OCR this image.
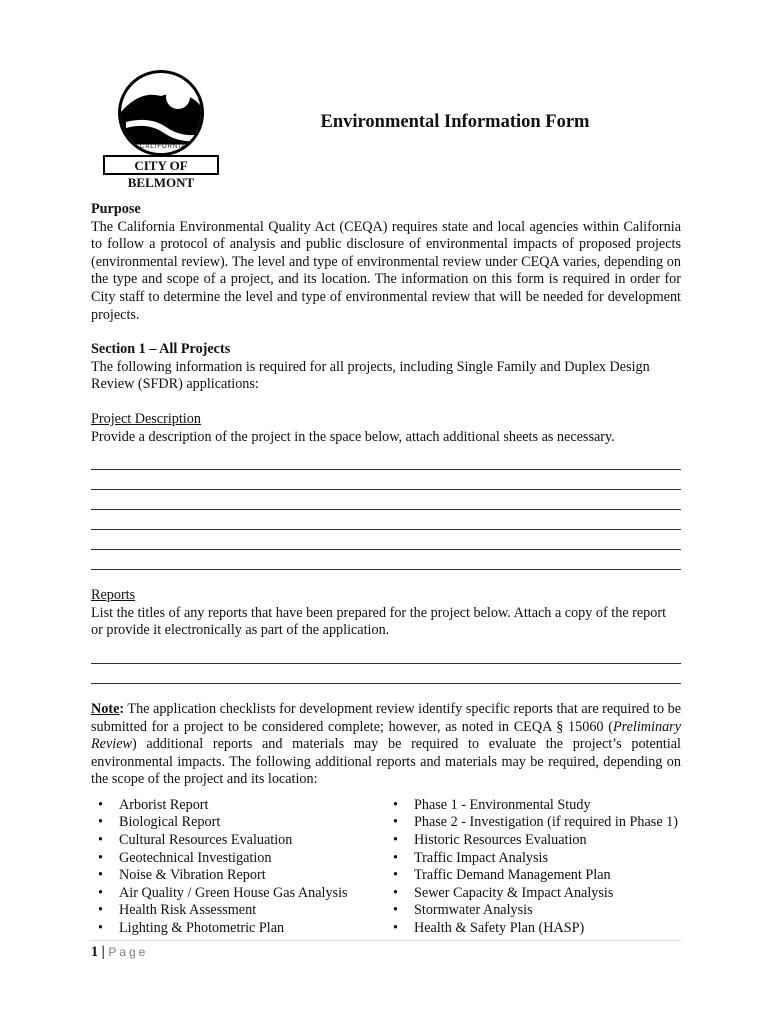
CALIFORNIA
CITY OF BELMONT
Environmental Information Form
Purpose

The California Environmental Quality Act (CEQA) requires state and local agencies within California to follow a protocol of analysis and public disclosure of environmental impacts of proposed projects (environmental review). The level and type of environmental review under CEQA varies, depending on the type and scope of a project, and its location. The information on this form is required in order for City staff to determine the level and type of environmental review that will be needed for development projects.

Section 1 – All Projects

The following information is required for all projects, including Single Family and Duplex Design Review (SFDR) applications:

Project Description

Provide a description of the project in the space below, attach additional sheets as necessary.

Reports

List the titles of any reports that have been prepared for the project below. Attach a copy of the report or provide it electronically as part of the application.

Note: The application checklists for development review identify specific reports that are required to be submitted for a project to be considered complete; however, as noted in CEQA § 15060 (Preliminary Review) additional reports and materials may be required to evaluate the project’s potential environmental impacts. The following additional reports and materials may be required, depending on the scope of the project and its location:

• Arborist Report
• Biological Report
• Cultural Resources Evaluation
• Geotechnical Investigation
• Noise & Vibration Report
• Air Quality / Green House Gas Analysis
• Health Risk Assessment
• Lighting & Photometric Plan
• Phase 1 - Environmental Study
• Phase 2 - Investigation (if required in Phase 1)
• Historic Resources Evaluation
• Traffic Impact Analysis
• Traffic Demand Management Plan
• Sewer Capacity & Impact Analysis
• Stormwater Analysis
• Health & Safety Plan (HASP)
1 | Page
